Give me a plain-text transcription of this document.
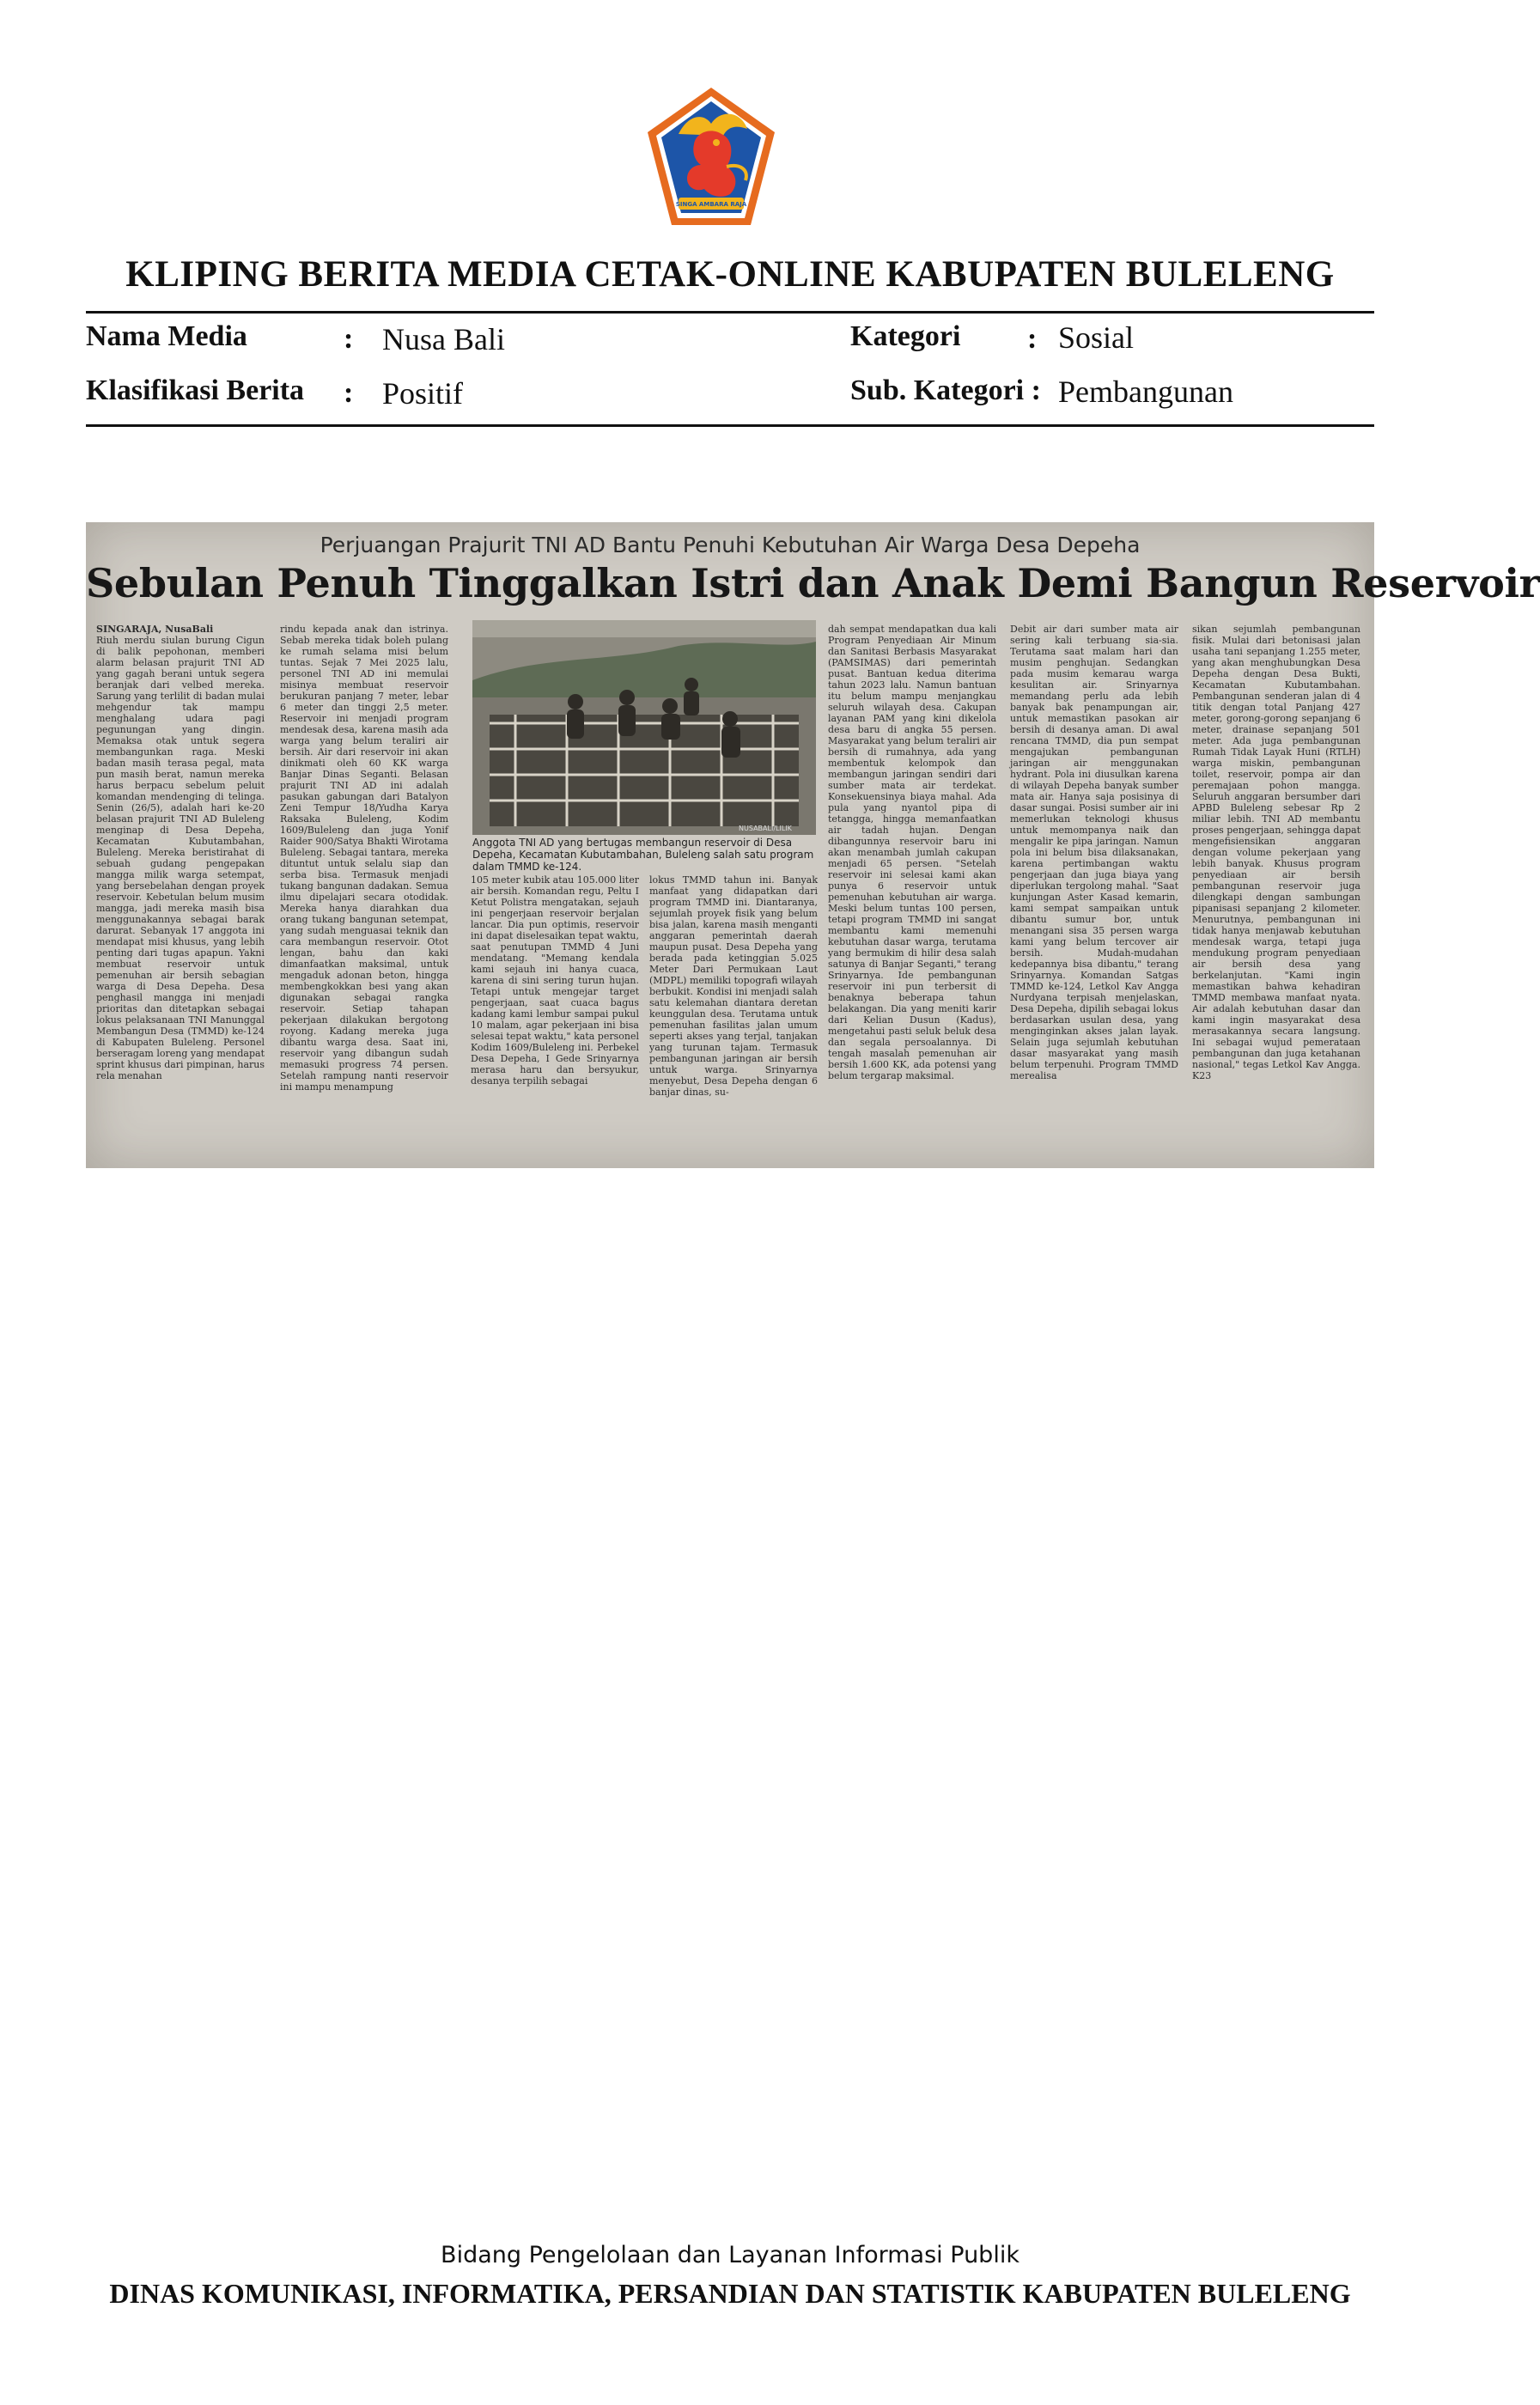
SINGA AMBARA RAJA
KLIPING BERITA MEDIA CETAK-ONLINE KABUPATEN BULELENG
Nama Media	: Nusa Bali
Klasifikasi Berita : Positif
Kategori : Sosial
Sub. Kategori : Pembangunan
Perjuangan Prajurit TNI AD Bantu Penuhi Kebutuhan Air Warga Desa Depeha
Sebulan Penuh Tinggalkan Istri dan Anak Demi Bangun Reservoir
SINGARAJA, NusaBali
Riuh merdu siulan burung Cigun di balik pepohonan, memberi alarm belasan prajurit TNI AD yang gagah berani untuk segera beranjak dari velbed mereka. Sarung yang terlilit di badan mulai mehgendur tak mampu menghalang udara pagi pegunungan yang dingin. Memaksa otak untuk segera membangunkan raga. Meski badan masih terasa pegal, mata pun masih berat, namun mereka harus berpacu sebelum peluit komandan mendenging di telinga. Senin (26/5), adalah hari ke-20 belasan prajurit TNI AD Buleleng menginap di Desa Depeha, Kecamatan Kubutambahan, Buleleng. Mereka beristirahat di sebuah gudang pengepakan mangga milik warga setempat, yang bersebelahan dengan proyek reservoir. Kebetulan belum musim mangga, jadi mereka masih bisa menggunakannya sebagai barak darurat. Sebanyak 17 anggota ini mendapat misi khusus, yang lebih penting dari tugas apapun. Yakni membuat reservoir untuk pemenuhan air bersih sebagian warga di Desa Depeha. Desa penghasil mangga ini menjadi prioritas dan ditetapkan sebagai lokus pelaksanaan TNI Manunggal Membangun Desa (TMMD) ke-124 di Kabupaten Buleleng. Personel berseragam loreng yang mendapat sprint khusus dari pimpinan, harus rela menahan
rindu kepada anak dan istrinya. Sebab mereka tidak boleh pulang ke rumah selama misi belum tuntas. Sejak 7 Mei 2025 lalu, personel TNI AD ini memulai misinya membuat reservoir berukuran panjang 7 meter, lebar 6 meter dan tinggi 2,5 meter. Reservoir ini menjadi program mendesak desa, karena masih ada warga yang belum teraliri air bersih. Air dari reservoir ini akan dinikmati oleh 60 KK warga Banjar Dinas Seganti. Belasan prajurit TNI AD ini adalah pasukan gabungan dari Batalyon Zeni Tempur 18/Yudha Karya Raksaka Buleleng, Kodim 1609/Buleleng dan juga Yonif Raider 900/Satya Bhakti Wirotama Buleleng. Sebagai tantara, mereka dituntut untuk selalu siap dan serba bisa. Termasuk menjadi tukang bangunan dadakan. Semua ilmu dipelajari secara otodidak. Mereka hanya diarahkan dua orang tukang bangunan setempat, yang sudah menguasai teknik dan cara membangun reservoir. Otot lengan, bahu dan kaki dimanfaatkan maksimal, untuk mengaduk adonan beton, hingga membengkokkan besi yang akan digunakan sebagai rangka reservoir. Setiap tahapan pekerjaan dilakukan bergotong royong. Kadang mereka juga dibantu warga desa. Saat ini, reservoir yang dibangun sudah memasuki progress 74 persen. Setelah rampung nanti reservoir ini mampu menampung
NUSABALI/LILIK
Anggota TNI AD yang bertugas membangun reservoir di Desa Depeha, Kecamatan Kubutambahan, Buleleng salah satu program dalam TMMD ke-124.
105 meter kubik atau 105.000 liter air bersih. Komandan regu, Peltu I Ketut Polistra mengatakan, sejauh ini pengerjaan reservoir berjalan lancar. Dia pun optimis, reservoir ini dapat diselesaikan tepat waktu, saat penutupan TMMD 4 Juni mendatang. "Memang kendala kami sejauh ini hanya cuaca, karena di sini sering turun hujan. Tetapi untuk mengejar target pengerjaan, saat cuaca bagus kadang kami lembur sampai pukul 10 malam, agar pekerjaan ini bisa selesai tepat waktu," kata personel Kodim 1609/Buleleng ini. Perbekel Desa Depeha, I Gede Srinyarnya merasa haru dan bersyukur, desanya terpilih sebagai
lokus TMMD tahun ini. Banyak manfaat yang didapatkan dari program TMMD ini. Diantaranya, sejumlah proyek fisik yang belum bisa jalan, karena masih menganti anggaran pemerintah daerah maupun pusat. Desa Depeha yang berada pada ketinggian 5.025 Meter Dari Permukaan Laut (MDPL) memiliki topografi wilayah berbukit. Kondisi ini menjadi salah satu kelemahan diantara deretan keunggulan desa. Terutama untuk pemenuhan fasilitas jalan umum seperti akses yang terjal, tanjakan yang turunan tajam. Termasuk pembangunan jaringan air bersih untuk warga. Srinyarnya menyebut, Desa Depeha dengan 6 banjar dinas, su-
dah sempat mendapatkan dua kali Program Penyediaan Air Minum dan Sanitasi Berbasis Masyarakat (PAMSIMAS) dari pemerintah pusat. Bantuan kedua diterima tahun 2023 lalu. Namun bantuan itu belum mampu menjangkau seluruh wilayah desa. Cakupan layanan PAM yang kini dikelola desa baru di angka 55 persen. Masyarakat yang belum teraliri air bersih di rumahnya, ada yang membentuk kelompok dan membangun jaringan sendiri dari sumber mata air terdekat. Konsekuensinya biaya mahal. Ada pula yang nyantol pipa di tetangga, hingga memanfaatkan air tadah hujan. Dengan dibangunnya reservoir baru ini akan menambah jumlah cakupan menjadi 65 persen. "Setelah reservoir ini selesai kami akan punya 6 reservoir untuk pemenuhan kebutuhan air warga. Meski belum tuntas 100 persen, tetapi program TMMD ini sangat membantu kami memenuhi kebutuhan dasar warga, terutama yang bermukim di hilir desa salah satunya di Banjar Seganti," terang Srinyarnya. Ide pembangunan reservoir ini pun terbersit di benaknya beberapa tahun belakangan. Dia yang meniti karir dari Kelian Dusun (Kadus), mengetahui pasti seluk beluk desa dan segala persoalannya. Di tengah masalah pemenuhan air bersih 1.600 KK, ada potensi yang belum tergarap maksimal.
Debit air dari sumber mata air sering kali terbuang sia-sia. Terutama saat malam hari dan musim penghujan. Sedangkan pada musim kemarau warga kesulitan air. Srinyarnya memandang perlu ada lebih banyak bak penampungan air, untuk memastikan pasokan air bersih di desanya aman. Di awal rencana TMMD, dia pun sempat mengajukan pembangunan jaringan air menggunakan hydrant. Pola ini diusulkan karena di wilayah Depeha banyak sumber mata air. Hanya saja posisinya di dasar sungai. Posisi sumber air ini memerlukan teknologi khusus untuk memompanya naik dan mengalir ke pipa jaringan. Namun pola ini belum bisa dilaksanakan, karena pertimbangan waktu pengerjaan dan juga biaya yang diperlukan tergolong mahal. "Saat kunjungan Aster Kasad kemarin, kami sempat sampaikan untuk dibantu sumur bor, untuk menangani sisa 35 persen warga kami yang belum tercover air bersih. Mudah-mudahan kedepannya bisa dibantu," terang Srinyarnya. Komandan Satgas TMMD ke-124, Letkol Kav Angga Nurdyana terpisah menjelaskan, Desa Depeha, dipilih sebagai lokus berdasarkan usulan desa, yang menginginkan akses jalan layak. Selain juga sejumlah kebutuhan dasar masyarakat yang masih belum terpenuhi. Program TMMD merealisa
sikan sejumlah pembangunan fisik. Mulai dari betonisasi jalan usaha tani sepanjang 1.255 meter, yang akan menghubungkan Desa Depeha dengan Desa Bukti, Kecamatan Kubutambahan. Pembangunan senderan jalan di 4 titik dengan total Panjang 427 meter, gorong-gorong sepanjang 6 meter, drainase sepanjang 501 meter. Ada juga pembangunan Rumah Tidak Layak Huni (RTLH) warga miskin, pembangunan toilet, reservoir, pompa air dan peremajaan pohon mangga. Seluruh anggaran bersumber dari APBD Buleleng sebesar Rp 2 miliar lebih. TNI AD membantu proses pengerjaan, sehingga dapat mengefisiensikan anggaran dengan volume pekerjaan yang lebih banyak. Khusus program penyediaan air bersih pembangunan reservoir juga dilengkapi dengan sambungan pipanisasi sepanjang 2 kilometer. Menurutnya, pembangunan ini tidak hanya menjawab kebutuhan mendesak warga, tetapi juga mendukung program penyediaan air bersih desa yang berkelanjutan. "Kami ingin memastikan bahwa kehadiran TMMD membawa manfaat nyata. Air adalah kebutuhan dasar dan kami ingin masyarakat desa merasakannya secara langsung. Ini sebagai wujud pemerataan pembangunan dan juga ketahanan nasional," tegas Letkol Kav Angga. K23
Bidang Pengelolaan dan Layanan Informasi Publik
DINAS KOMUNIKASI, INFORMATIKA, PERSANDIAN DAN STATISTIK KABUPATEN BULELENG
